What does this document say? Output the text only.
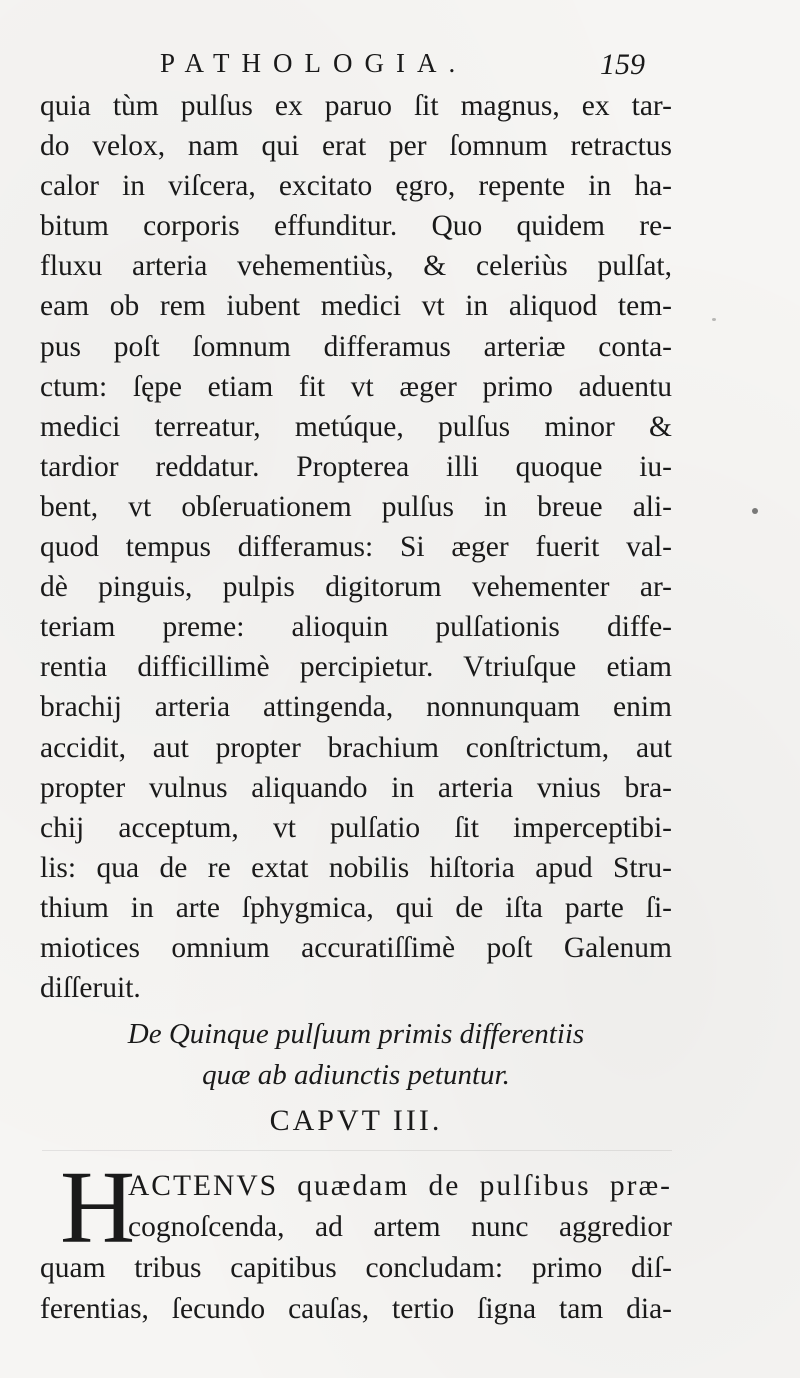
PATHOLOGIA.	159
quia tùm pulſus ex paruo ſit magnus, ex tar-
do velox, nam qui erat per ſomnum retractus
calor in viſcera, excitato ęgro, repente in ha-
bitum corporis effunditur. Quo quidem re-
fluxu arteria vehementiùs, & celeriùs pulſat,
eam ob rem iubent medici vt in aliquod tem-
pus poſt ſomnum differamus arteriæ conta-
ctum: ſępe etiam fit vt æger primo aduentu
medici terreatur, metúque, pulſus minor &
tardior reddatur. Propterea illi quoque iu-
bent, vt obſeruationem pulſus in breue ali-
quod tempus differamus: Si æger fuerit val-
dè pinguis, pulpis digitorum vehementer ar-
teriam preme: alioquin pulſationis diffe-
rentia difficillimè percipietur. Vtriuſque etiam
brachij arteria attingenda, nonnunquam enim
accidit, aut propter brachium conſtrictum, aut
propter vulnus aliquando in arteria vnius bra-
chij acceptum, vt pulſatio ſit imperceptibi-
lis: qua de re extat nobilis hiſtoria apud Stru-
thium in arte ſphygmica, qui de iſta parte ſi-
miotices omnium accuratiſſimè poſt Galenum
diſſeruit.
De Quinque pulſuum primis differentiis
quæ ab adiunctis petuntur.
CAPVT III.
H
ACTENVS quædam de pulſibus præ-
cognoſcenda, ad artem nunc aggredior
quam tribus capitibus concludam: primo diſ-
ferentias, ſecundo cauſas, tertio ſigna tam dia-
